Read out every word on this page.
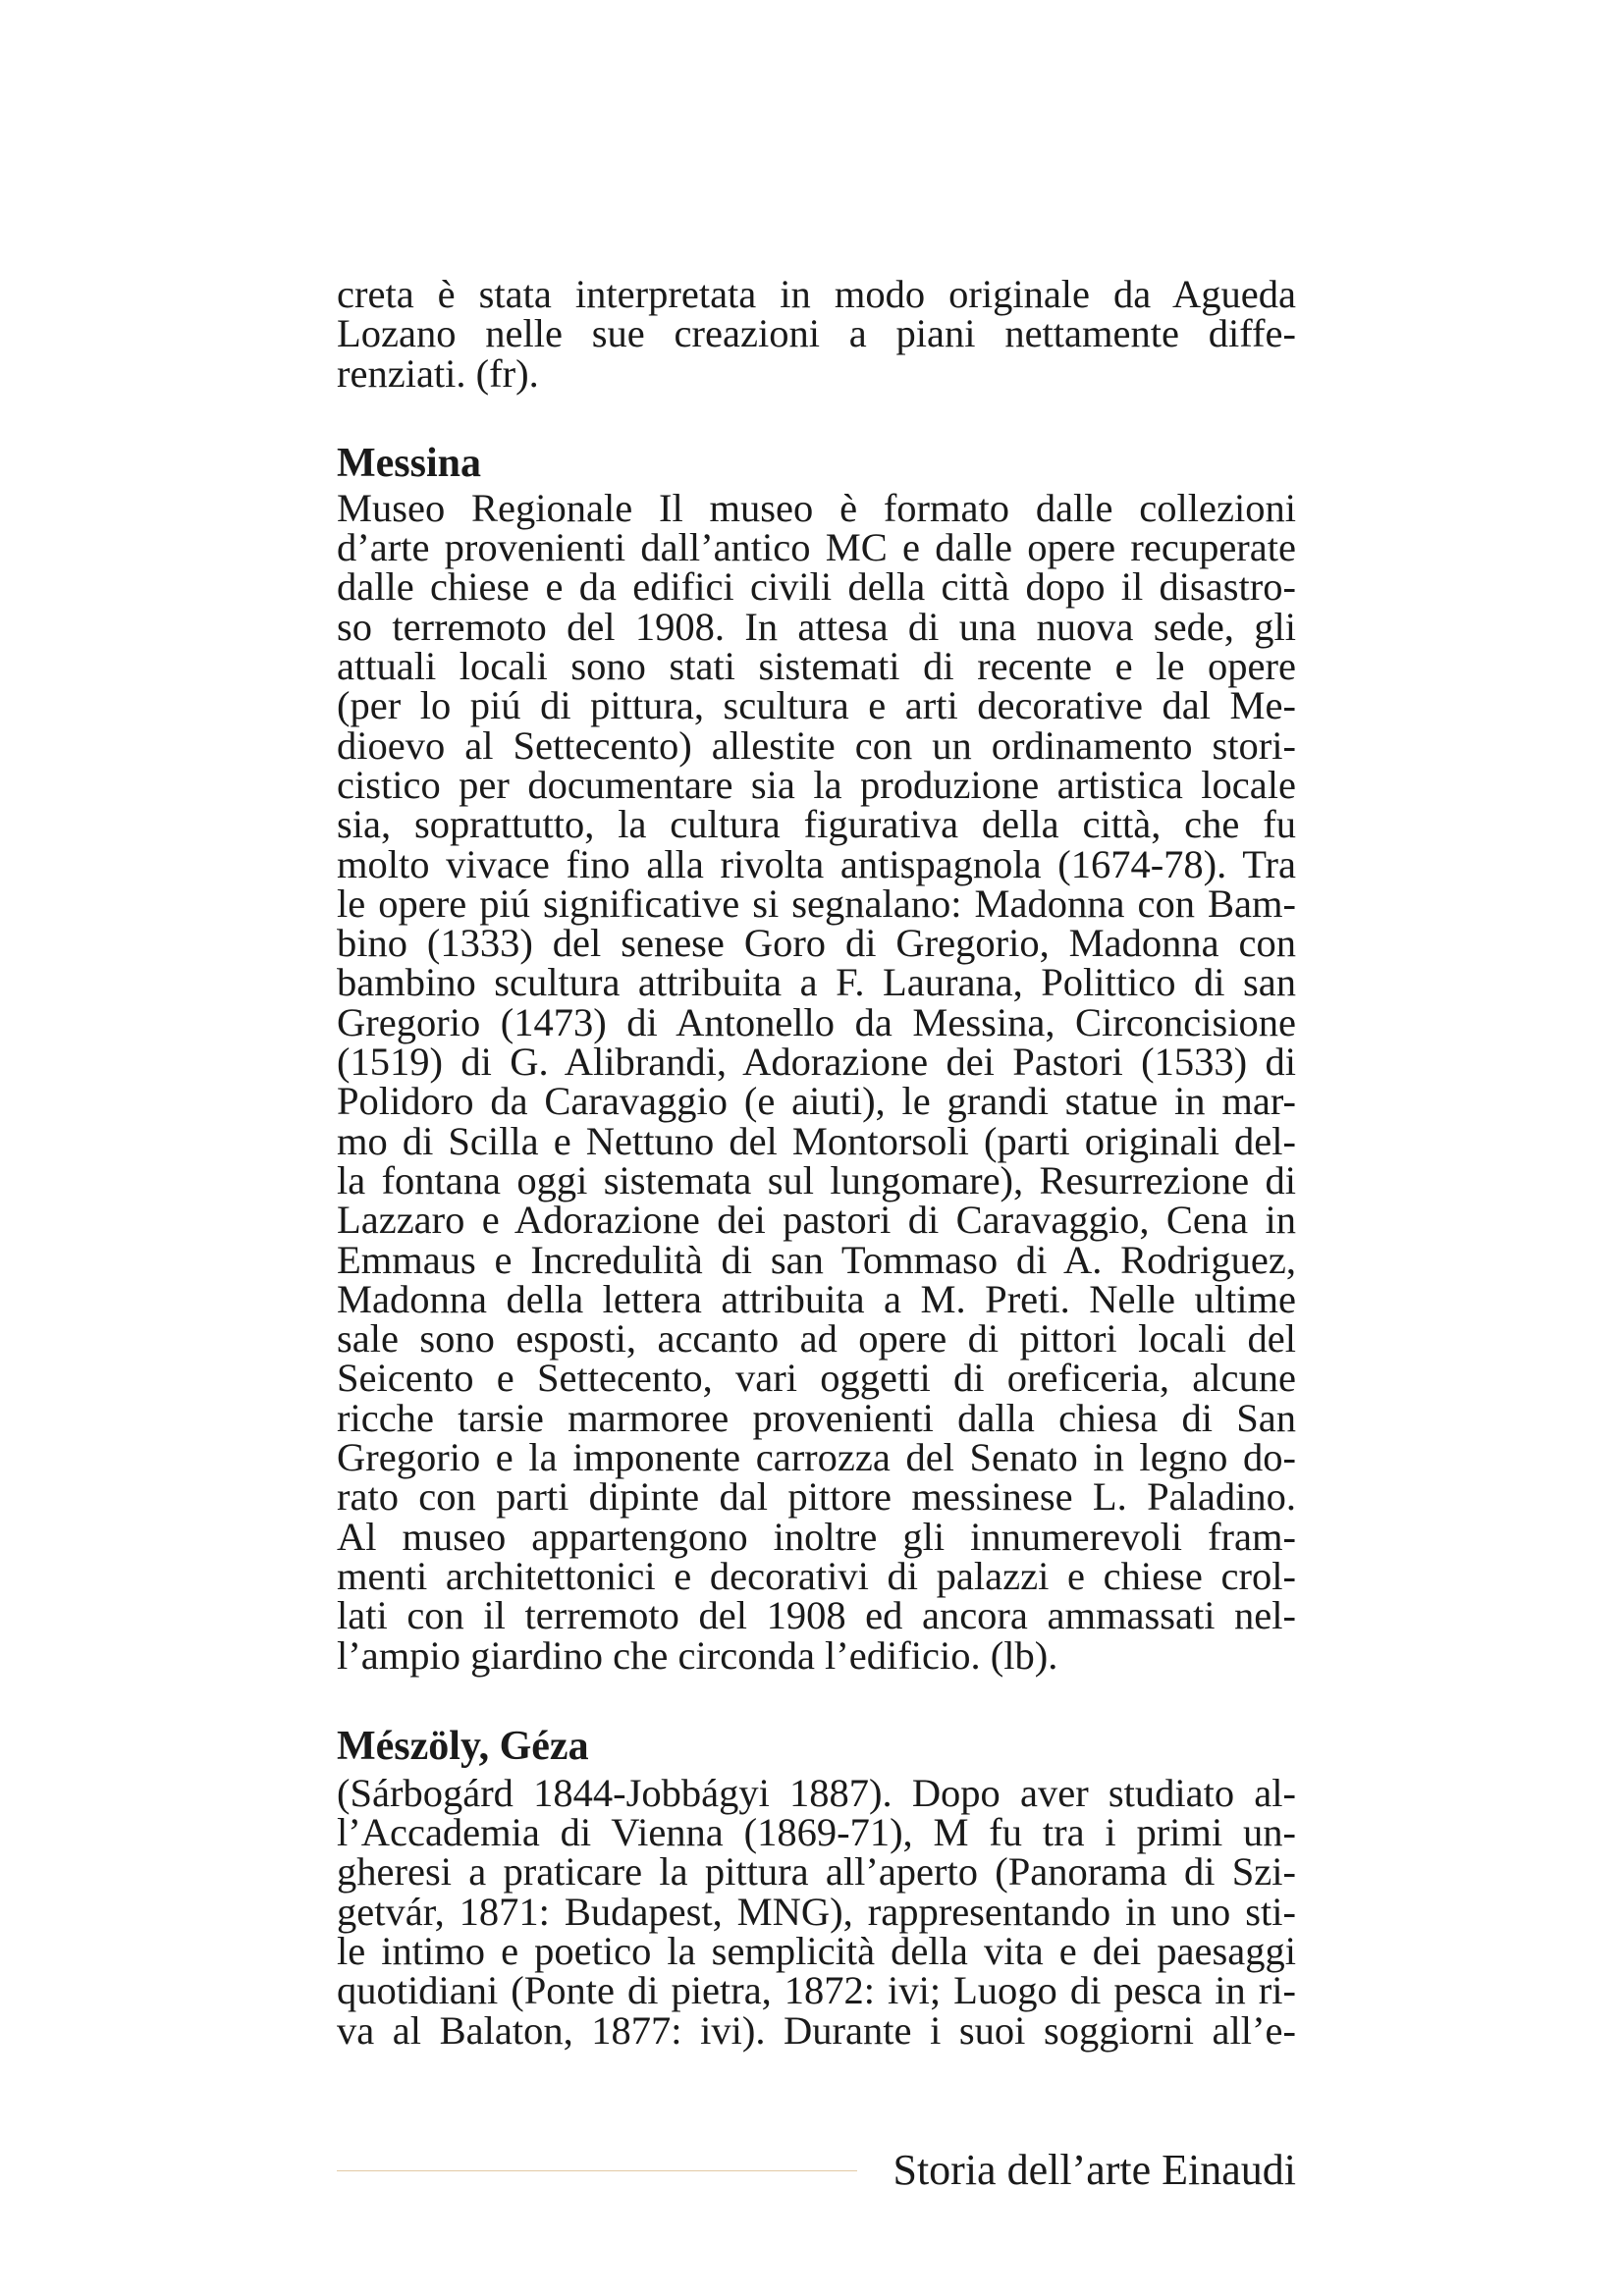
creta è stata interpretata in modo originale da Agueda
Lozano nelle sue creazioni a piani nettamente diffe-
renziati. (fr).
Messina
Museo Regionale Il museo è formato dalle collezioni
d’arte provenienti dall’antico MC e dalle opere recuperate
dalle chiese e da edifici civili della città dopo il disastro-
so terremoto del 1908. In attesa di una nuova sede, gli
attuali locali sono stati sistemati di recente e le opere
(per lo piú di pittura, scultura e arti decorative dal Me-
dioevo al Settecento) allestite con un ordinamento stori-
cistico per documentare sia la produzione artistica locale
sia, soprattutto, la cultura figurativa della città, che fu
molto vivace fino alla rivolta antispagnola (1674-78). Tra
le opere piú significative si segnalano: Madonna con Bam-
bino (1333) del senese Goro di Gregorio, Madonna con
bambino scultura attribuita a F. Laurana, Polittico di san
Gregorio (1473) di Antonello da Messina, Circoncisione
(1519) di G. Alibrandi, Adorazione dei Pastori (1533) di
Polidoro da Caravaggio (e aiuti), le grandi statue in mar-
mo di Scilla e Nettuno del Montorsoli (parti originali del-
la fontana oggi sistemata sul lungomare), Resurrezione di
Lazzaro e Adorazione dei pastori di Caravaggio, Cena in
Emmaus e Incredulità di san Tommaso di A. Rodriguez,
Madonna della lettera attribuita a M. Preti. Nelle ultime
sale sono esposti, accanto ad opere di pittori locali del
Seicento e Settecento, vari oggetti di oreficeria, alcune
ricche tarsie marmoree provenienti dalla chiesa di San
Gregorio e la imponente carrozza del Senato in legno do-
rato con parti dipinte dal pittore messinese L. Paladino.
Al museo appartengono inoltre gli innumerevoli fram-
menti architettonici e decorativi di palazzi e chiese crol-
lati con il terremoto del 1908 ed ancora ammassati nel-
l’ampio giardino che circonda l’edificio. (lb).
Mészöly, Géza
(Sárbogárd 1844-Jobbágyi 1887). Dopo aver studiato al-
l’Accademia di Vienna (1869-71), M fu tra i primi un-
gheresi a praticare la pittura all’aperto (Panorama di Szi-
getvár, 1871: Budapest, MNG), rappresentando in uno sti-
le intimo e poetico la semplicità della vita e dei paesaggi
quotidiani (Ponte di pietra, 1872: ivi; Luogo di pesca in ri-
va al Balaton, 1877: ivi). Durante i suoi soggiorni all’e-
Storia dell’arte Einaudi
